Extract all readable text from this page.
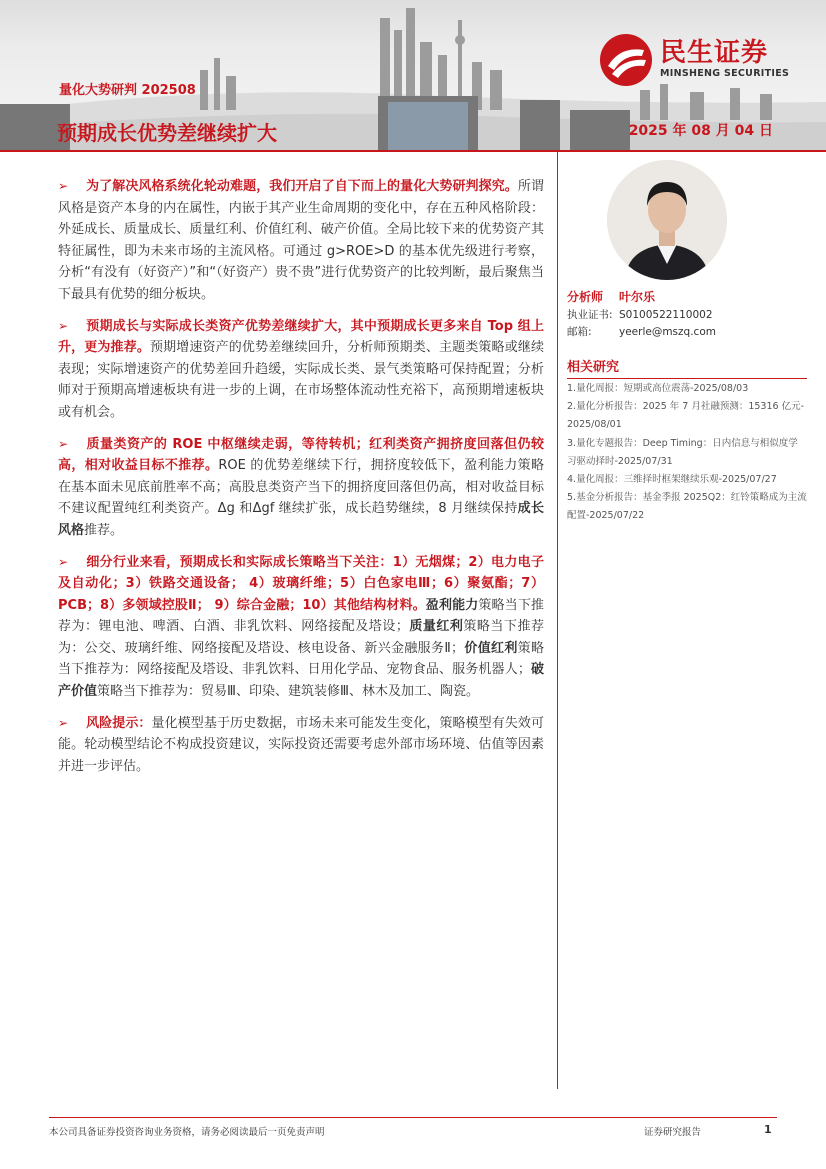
量化大势研判 202508
预期成长优势差继续扩大	2025 年 08 月 04 日
民生证券
MINSHENG SECURITIES
➢ 为了解决风格系统化轮动难题，我们开启了自下而上的量化大势研判探究。所谓风格是资产本身的内在属性，内嵌于其产业生命周期的变化中，存在五种风格阶段：外延成长、质量成长、质量红利、价值红利、破产价值。全局比较下来的优势资产其特征属性，即为未来市场的主流风格。可通过 g>ROE>D 的基本优先级进行考察，分析“有没有（好资产）”和“（好资产）贵不贵”进行优势资产的比较判断，最后聚焦当下最具有优势的细分板块。
➢ 预期成长与实际成长类资产优势差继续扩大，其中预期成长更多来自 Top 组上升，更为推荐。预期增速资产的优势差继续回升，分析师预期类、主题类策略或继续表现；实际增速资产的优势差回升趋缓，实际成长类、景气类策略可保持配置；分析师对于预期高增速板块有进一步的上调，在市场整体流动性充裕下，高预期增速板块或有机会。
➢ 质量类资产的 ROE 中枢继续走弱，等待转机；红利类资产拥挤度回落但仍较高，相对收益目标不推荐。ROE 的优势差继续下行，拥挤度较低下，盈利能力策略在基本面未见底前胜率不高；高股息类资产当下的拥挤度回落但仍高，相对收益目标不建议配置纯红利类资产。Δg 和Δgf 继续扩张，成长趋势继续，8 月继续保持成长风格推荐。
➢ 细分行业来看，预期成长和实际成长策略当下关注：1）无烟煤；2）电力电子及自动化；3）铁路交通设备； 4）玻璃纤维；5）白色家电Ⅲ；6）聚氨酯；7）PCB；8）多领域控股Ⅱ； 9）综合金融；10）其他结构材料。盈利能力策略当下推荐为：锂电池、啤酒、白酒、非乳饮料、网络接配及塔设；质量红利策略当下推荐为：公交、玻璃纤维、网络接配及塔设、核电设备、新兴金融服务Ⅱ；价值红利策略当下推荐为：网络接配及塔设、非乳饮料、日用化学品、宠物食品、服务机器人；破产价值策略当下推荐为：贸易Ⅲ、印染、建筑装修Ⅲ、林木及加工、陶瓷。
➢ 风险提示：量化模型基于历史数据，市场未来可能发生变化，策略模型有失效可能。轮动模型结论不构成投资建议，实际投资还需要考虑外部市场环境、估值等因素并进一步评估。
分析师 叶尔乐
执业证书: S0100522110002
邮箱:	yeerle@mszq.com
相关研究

1.量化周报：短期或高位震荡-2025/08/03

2.量化分析报告：2025 年 7 月社融预测：15316 亿元-2025/08/01

3.量化专题报告：Deep Timing：日内信息与相似度学习驱动择时-2025/07/31

4.量化周报：三维择时框架继续乐观-2025/07/27

5.基金分析报告：基金季报 2025Q2：红铃策略成为主流配置-2025/07/22

本公司具备证券投资咨询业务资格，请务必阅读最后一页免责声明	证券研究报告	1
